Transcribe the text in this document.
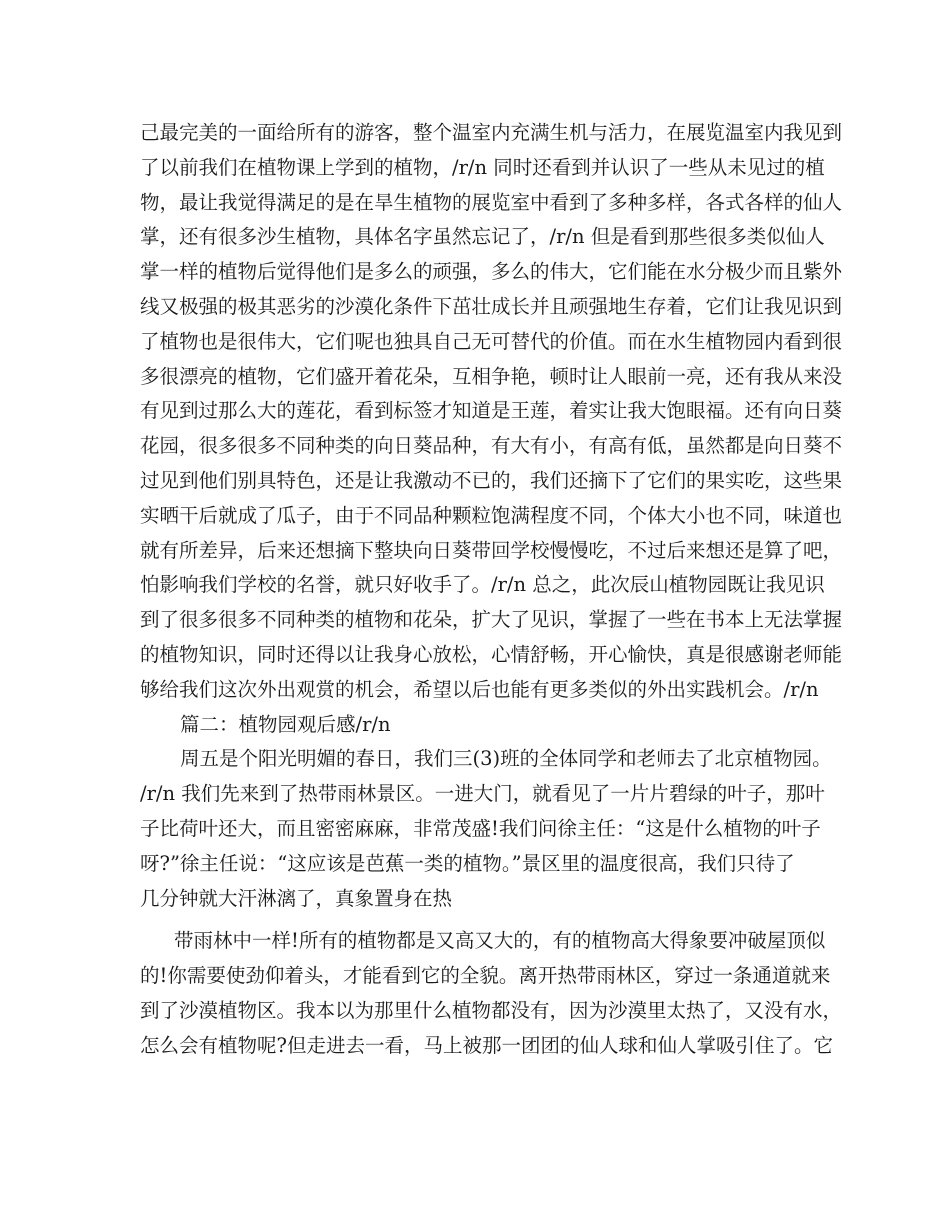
己最完美的一面给所有的游客，整个温室内充满生机与活力，在展览温室内我见到
了以前我们在植物课上学到的植物，/r/n 同时还看到并认识了一些从未见过的植
物，最让我觉得满足的是在旱生植物的展览室中看到了多种多样，各式各样的仙人
掌，还有很多沙生植物，具体名字虽然忘记了，/r/n 但是看到那些很多类似仙人
掌一样的植物后觉得他们是多么的顽强，多么的伟大，它们能在水分极少而且紫外
线又极强的极其恶劣的沙漠化条件下茁壮成长并且顽强地生存着，它们让我见识到
了植物也是很伟大，它们呢也独具自己无可替代的价值。而在水生植物园内看到很
多很漂亮的植物，它们盛开着花朵，互相争艳，顿时让人眼前一亮，还有我从来没
有见到过那么大的莲花，看到标签才知道是王莲，着实让我大饱眼福。还有向日葵
花园，很多很多不同种类的向日葵品种，有大有小，有高有低，虽然都是向日葵不
过见到他们别具特色，还是让我激动不已的，我们还摘下了它们的果实吃，这些果
实晒干后就成了瓜子，由于不同品种颗粒饱满程度不同，个体大小也不同，味道也
就有所差异，后来还想摘下整块向日葵带回学校慢慢吃，不过后来想还是算了吧，
怕影响我们学校的名誉，就只好收手了。/r/n 总之，此次辰山植物园既让我见识
到了很多很多不同种类的植物和花朵，扩大了见识，掌握了一些在书本上无法掌握
的植物知识，同时还得以让我身心放松，心情舒畅，开心愉快，真是很感谢老师能
够给我们这次外出观赏的机会，希望以后也能有更多类似的外出实践机会。/r/n
篇二：植物园观后感/r/n
周五是个阳光明媚的春日，我们三(3)班的全体同学和老师去了北京植物园。
/r/n 我们先来到了热带雨林景区。一进大门，就看见了一片片碧绿的叶子，那叶
子比荷叶还大，而且密密麻麻，非常茂盛!我们问徐主任：“这是什么植物的叶子
呀?”徐主任说：“这应该是芭蕉一类的植物。”景区里的温度很高，我们只待了
几分钟就大汗淋漓了，真象置身在热
带雨林中一样!所有的植物都是又高又大的，有的植物高大得象要冲破屋顶似
的!你需要使劲仰着头，才能看到它的全貌。离开热带雨林区，穿过一条通道就来
到了沙漠植物区。我本以为那里什么植物都没有，因为沙漠里太热了，又没有水，
怎么会有植物呢?但走进去一看，马上被那一团团的仙人球和仙人掌吸引住了。它
